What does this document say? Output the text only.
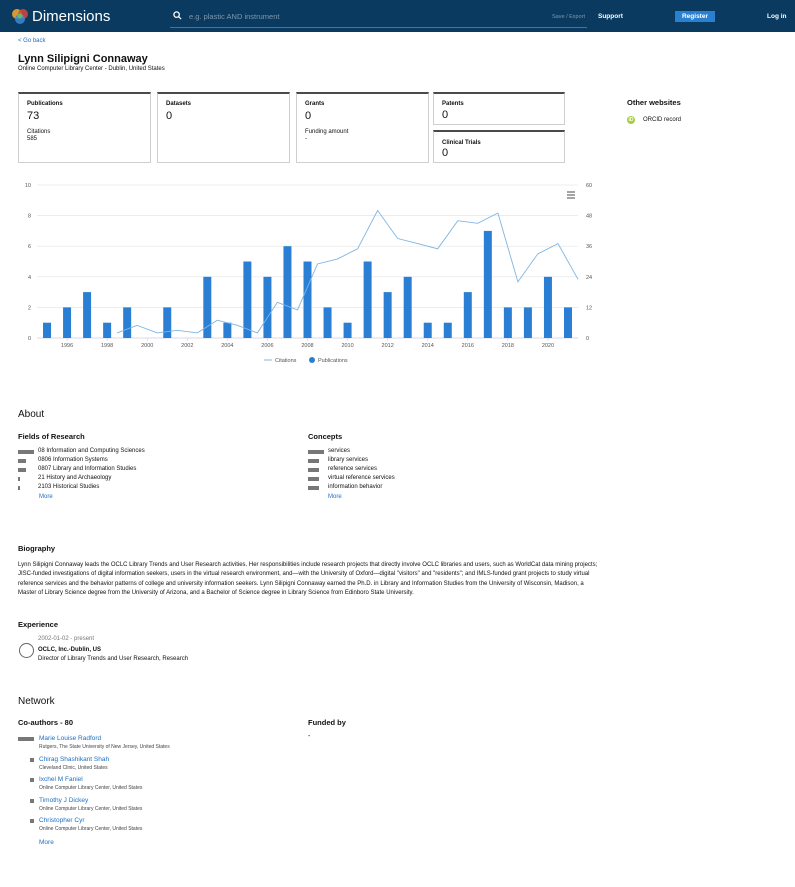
Dimensions
e.g. plastic AND instrument	Save / Export Support	Register	Log in
< Go back
Lynn Silipigni Connaway
Online Computer Library Center - Dublin, United States
Publications
73
Citations
585
Datasets
0
Grants
0
Funding amount
-
Patents
0
Clinical Trials
0
Other websites
iD ORCID record
0	0
2	12
4	24
6	36
8	48
10	60
1996	1998	2000	2002	2004	2006	2008	2010	2012	2014	2016	2018	2020
Citations	Publications
About
Fields of Research	Concepts
08 Information and Computing Sciences
0806 Information Systems
0807 Library and Information Studies
21 History and Archaeology
2103 Historical Studies
services
library services
reference services
virtual reference services
information behavior
More	More
Biography
Lynn Silipigni Connaway leads the OCLC Library Trends and User Research activities. Her responsibilities include research projects that directly involve OCLC libraries and users, such as WorldCat data mining projects; JISC-funded investigations of digital information seekers, users in the virtual research environment, and—with the University of Oxford—digital "visitors" and "residents"; and IMLS-funded grant projects to study virtual reference services and the behavior patterns of college and university information seekers. Lynn Silipigni Connaway earned the Ph.D. in Library and Information Studies from the University of Wisconsin, Madison, a Master of Library Science degree from the University of Arizona, and a Bachelor of Science degree in Library Science from Edinboro State University.
Experience
2002-01-02 - present
OCLC, Inc.-Dublin, US
Director of Library Trends and User Research, Research
Network
Co-authors - 80	Funded by
-
Marie Louise Radford
Rutgers, The State University of New Jersey, United States
Chirag Shashikant Shah
Cleveland Clinic, United States
Ixchel M Faniel
Online Computer Library Center, United States
Timothy J Dickey
Online Computer Library Center, United States
Christopher Cyr
Online Computer Library Center, United States
More
